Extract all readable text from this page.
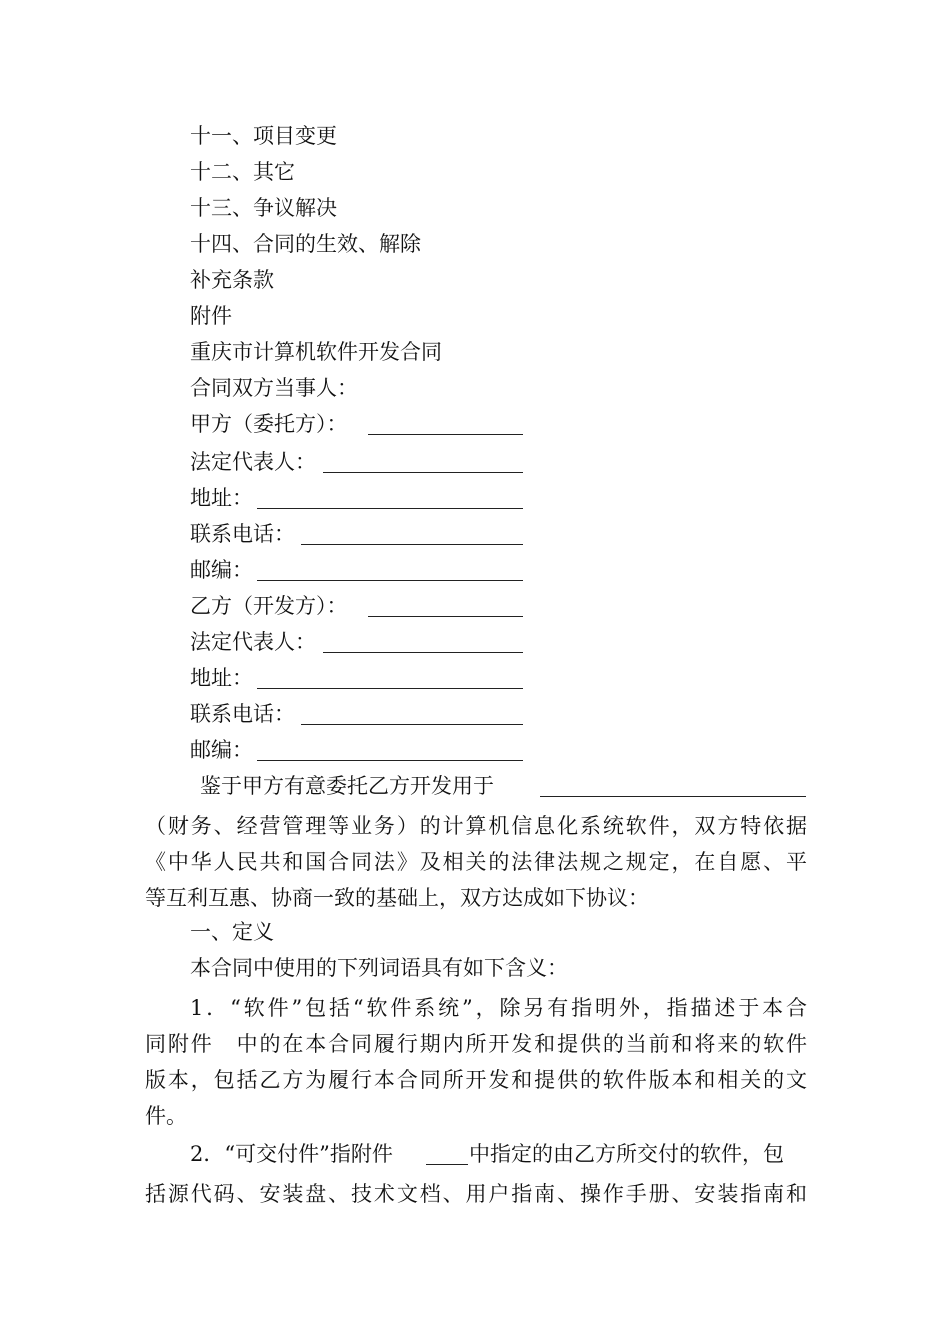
十一、项目变更
十二、其它
十三、争议解决
十四、合同的生效、解除
补充条款
附件
重庆市计算机软件开发合同
合同双方当事人：
甲方（委托方）：
法定代表人：
地址：
联系电话：
邮编：
乙方（开发方）：
法定代表人：
地址：
联系电话：
邮编：
鉴于甲方有意委托乙方开发用于
（财务、经营管理等业务）的计算机信息化系统软件，双方特依据
《中华人民共和国合同法》及相关的法律法规之规定，在自愿、平
等互利互惠、协商一致的基础上，双方达成如下协议：
一、定义
本合同中使用的下列词语具有如下含义：
1．“软件”包括“软件系统”，除另有指明外，指描述于本合
同附件　中的在本合同履行期内所开发和提供的当前和将来的软件
版本，包括乙方为履行本合同所开发和提供的软件版本和相关的文
件。
2．“可交付件”指附件	中指定的由乙方所交付的软件，包
括源代码、安装盘、技术文档、用户指南、操作手册、安装指南和
